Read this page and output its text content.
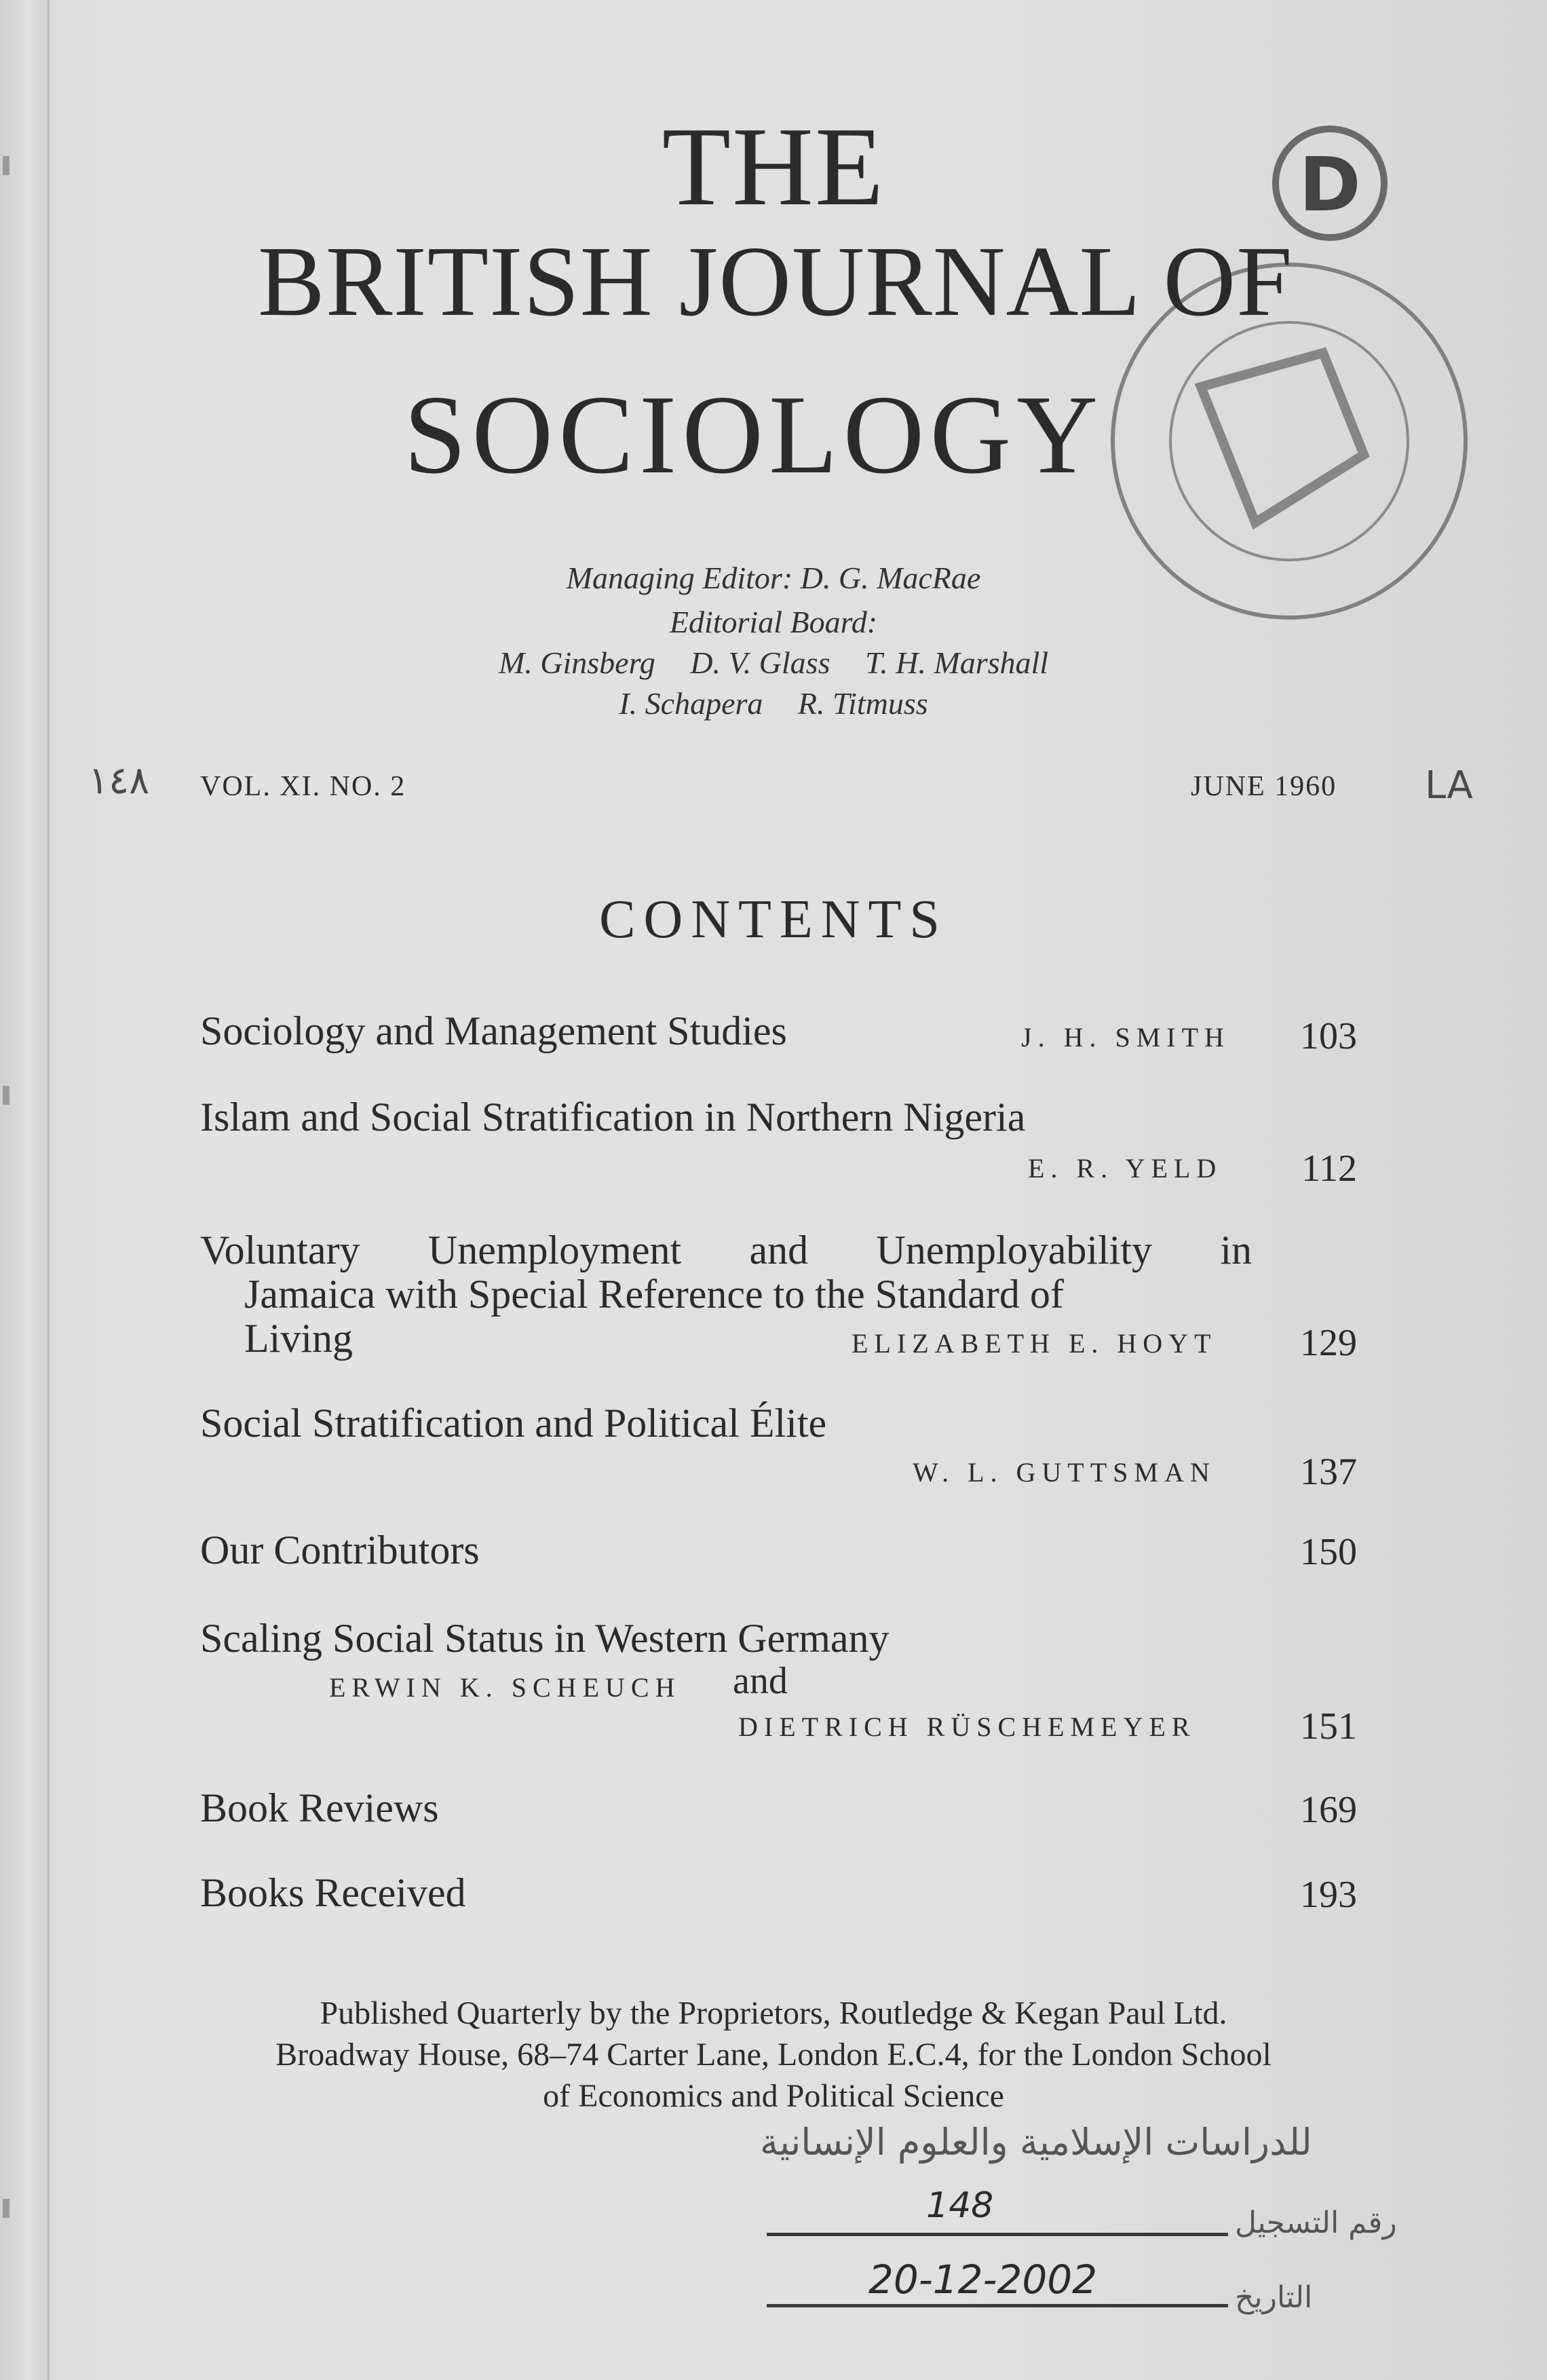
D
THE
BRITISH JOURNAL OF
SOCIOLOGY
Managing Editor: D. G. MacRae
Editorial Board:
M. Ginsberg D. V. Glass T. H. Marshall
I. Schapera R. Titmuss
١٤٨ VOL. XI. NO. 2	JUNE 1960 LA
CONTENTS
Sociology and Management Studies	J. H. SMITH 103
Islam and Social Stratification in Northern Nigeria
E. R. YELD	112
Voluntary Unemployment and Unemployability in
Jamaica with Special Reference to the Standard of
Living	ELIZABETH E. HOYT 129
Social Stratification and Political Élite
W. L. GUTTSMAN 137
Our Contributors	150
Scaling Social Status in Western Germany
ERWIN K. SCHEUCH and
DIETRICH RÜSCHEMEYER	151
Book Reviews	169
Books Received	193
Published Quarterly by the Proprietors, Routledge & Kegan Paul Ltd.
Broadway House, 68–74 Carter Lane, London E.C.4, for the London School
of Economics and Political Science
ﻟﻠﺪﺭﺍﺳﺎﺕ ﺍﻹﺳﻼﻣﻴﺔ ﻭﺍﻟﻌﻠﻮﻡ ﺍﻹﻧﺴﺎﻧﻴﺔ
ﺭﻗﻢ ﺍﻟﺘﺴﺠﻴﻞ
ﺍﻟﺘﺎﺭﻳﺦ
148
20-12-2002
